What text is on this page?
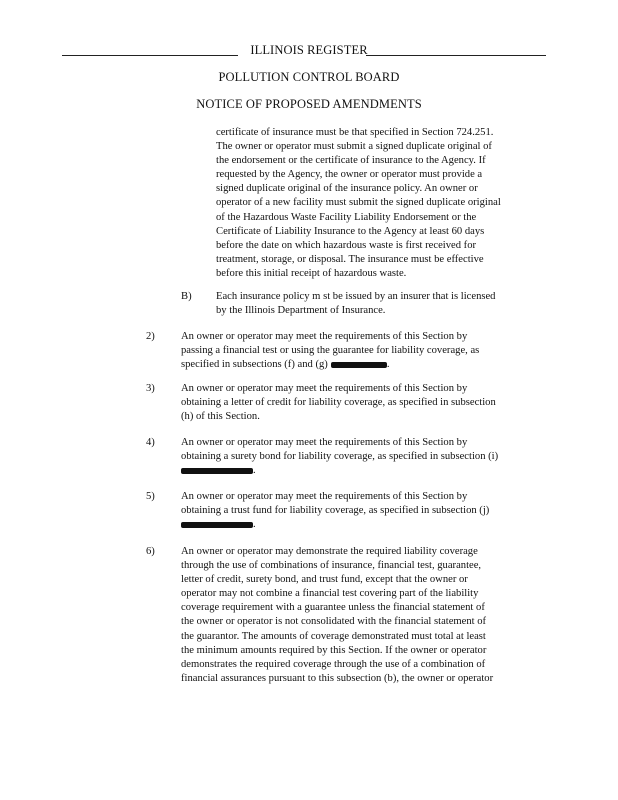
ILLINOIS REGISTER
POLLUTION CONTROL BOARD
NOTICE OF PROPOSED AMENDMENTS
certificate of insurance must be that specified in Section 724.251.
The owner or operator must submit a signed duplicate original of
the endorsement or the certificate of insurance to the Agency. If
requested by the Agency, the owner or operator must provide a
signed duplicate original of the insurance policy. An owner or
operator of a new facility must submit the signed duplicate original
of the Hazardous Waste Facility Liability Endorsement or the
Certificate of Liability Insurance to the Agency at least 60 days
before the date on which hazardous waste is first received for
treatment, storage, or disposal. The insurance must be effective
before this initial receipt of hazardous waste.
B) Each insurance policy m st be issued by an insurer that is licensed
by the Illinois Department of Insurance.
2) An owner or operator may meet the requirements of this Section by
passing a financial test or using the guarantee for liability coverage, as
specified in subsections (f) and (g)	.
3) An owner or operator may meet the requirements of this Section by
obtaining a letter of credit for liability coverage, as specified in subsection
(h) of this Section.
4) An owner or operator may meet the requirements of this Section by
obtaining a surety bond for liability coverage, as specified in subsection (i)
.
5) An owner or operator may meet the requirements of this Section by
obtaining a trust fund for liability coverage, as specified in subsection (j)
.
6) An owner or operator may demonstrate the required liability coverage
through the use of combinations of insurance, financial test, guarantee,
letter of credit, surety bond, and trust fund, except that the owner or
operator may not combine a financial test covering part of the liability
coverage requirement with a guarantee unless the financial statement of
the owner or operator is not consolidated with the financial statement of
the guarantor. The amounts of coverage demonstrated must total at least
the minimum amounts required by this Section. If the owner or operator
demonstrates the required coverage through the use of a combination of
financial assurances pursuant to this subsection (b), the owner or operator
